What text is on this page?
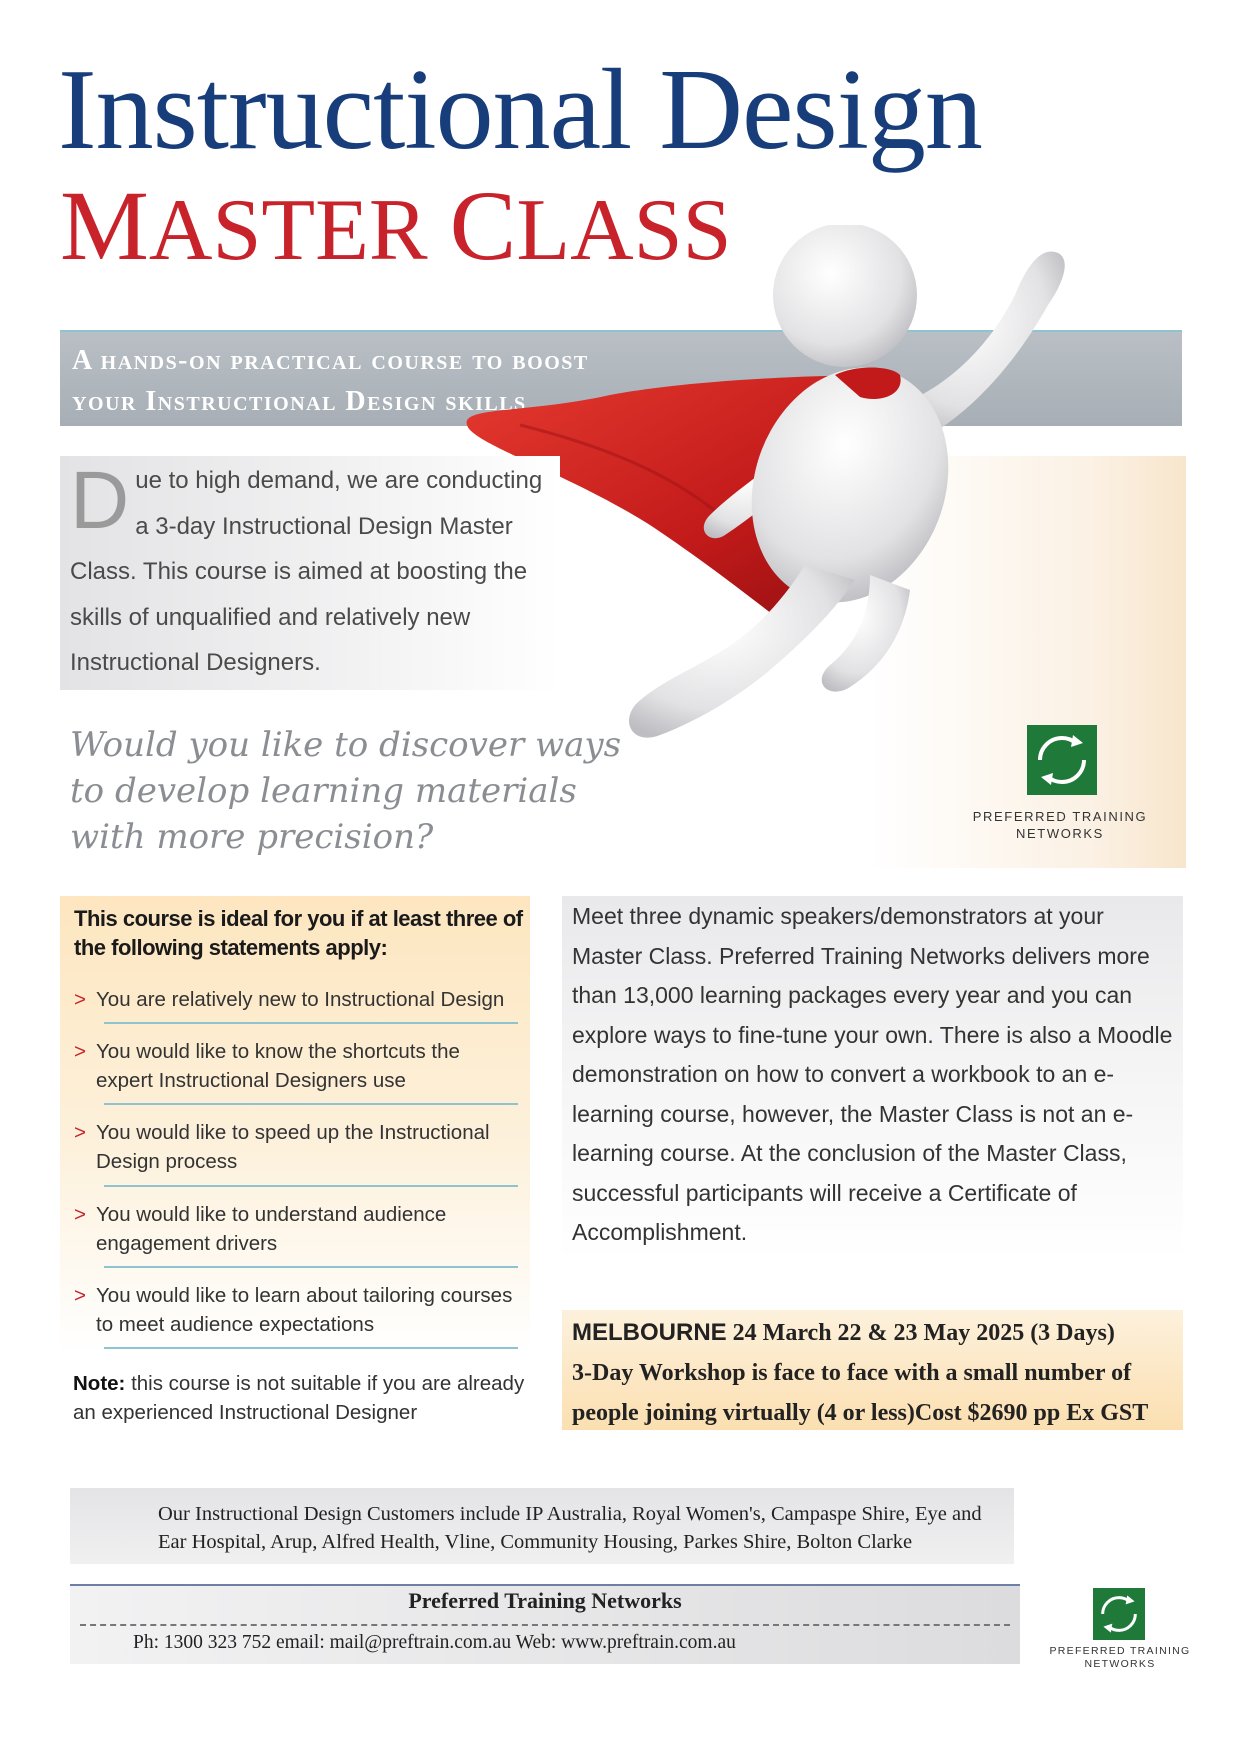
Instructional Design
MASTER CLASS
A hands-on practical course to boost
your Instructional Design skills
Due to high demand, we are conducting a 3-day Instructional Design Master Class. This course is aimed at boosting the skills of unqualified and relatively new Instructional Designers.
Would you like to discover ways to develop learning materials with more precision?
PREFERRED TRAINING
NETWORKS
This course is ideal for you if at least three of the following statements apply:
> You are relatively new to Instructional Design
> You would like to know the shortcuts the expert Instructional Designers use
> You would like to speed up the Instructional Design process
> You would like to understand audience engagement drivers
> You would like to learn about tailoring courses to meet audience expectations
Note: this course is not suitable if you are already an experienced Instructional Designer
Meet three dynamic speakers/demonstrators at your Master Class. Preferred Training Networks delivers more than 13,000 learning packages every year and you can explore ways to fine-tune your own. There is also a Moodle demonstration on how to convert a workbook to an e-learning course, however, the Master Class is not an e-learning course. At the conclusion of the Master Class, successful participants will receive a Certificate of Accomplishment.
MELBOURNE 24 March 22 & 23 May 2025 (3 Days)
3-Day Workshop is face to face with a small number of people joining virtually (4 or less)Cost $2690 pp Ex GST
Our Instructional Design Customers include IP Australia, Royal Women's, Campaspe Shire, Eye and Ear Hospital, Arup, Alfred Health, Vline, Community Housing, Parkes Shire, Bolton Clarke
Preferred Training Networks
Ph: 1300 323 752 email: mail@preftrain.com.au Web: www.preftrain.com.au	PREFERRED TRAINING
NETWORKS
